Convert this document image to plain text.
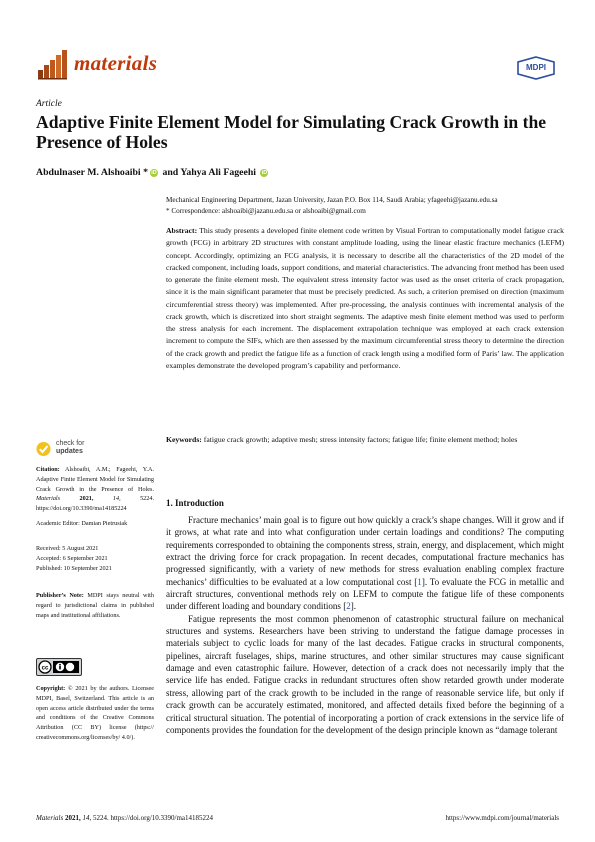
materials	MDPI
Article
Adaptive Finite Element Model for Simulating Crack Growth in the Presence of Holes
Abdulnaser M. Alshoaibi * iD and Yahya Ali Fageehi iD
Mechanical Engineering Department, Jazan University, Jazan P.O. Box 114, Saudi Arabia; yfageehi@jazanu.edu.sa
* Correspondence: alshoaibi@jazanu.edu.sa or alshoaibi@gmail.com
Abstract: This study presents a developed finite element code written by Visual Fortran to computationally model fatigue crack growth (FCG) in arbitrary 2D structures with constant amplitude loading, using the linear elastic fracture mechanics (LEFM) concept. Accordingly, optimizing an FCG analysis, it is necessary to describe all the characteristics of the 2D model of the cracked component, including loads, support conditions, and material characteristics. The advancing front method has been used to generate the finite element mesh. The equivalent stress intensity factor was used as the onset criteria of crack propagation, since it is the main significant parameter that must be precisely predicted. As such, a criterion premised on direction (maximum circumferential stress theory) was implemented. After pre-processing, the analysis continues with incremental analysis of the crack growth, which is discretized into short straight segments. The adaptive mesh finite element method was used to perform the stress analysis for each increment. The displacement extrapolation technique was employed at each crack extension increment to compute the SIFs, which are then assessed by the maximum circumferential stress theory to determine the direction of the crack growth and predict the fatigue life as a function of crack length using a modified form of Paris’ law. The application examples demonstrate the developed program’s capability and performance.
Keywords: fatigue crack growth; adaptive mesh; stress intensity factors; fatigue life; finite element method; holes
check for
updates
Citation: Alshoaibi, A.M.; Fageehi, Y.A. Adaptive Finite Element Model for Simulating Crack Growth in the Presence of Holes. Materials	2021,	14,	5224. https://doi.org/10.3390/ma14185224
Academic Editor: Damian Pietrusiak
Received: 5 August 2021
Accepted: 6 September 2021
Published: 10 September 2021
Publisher’s Note: MDPI stays neutral with regard to jurisdictional claims in published maps and institutional affiliations.
cc
Copyright: © 2021 by the authors. Licensee MDPI, Basel, Switzerland. This article is an open access article distributed under the terms and conditions of the Creative Commons Attribution (CC BY) license (https:// creativecommons.org/licenses/by/ 4.0/).
1. Introduction

Fracture mechanics’ main goal is to figure out how quickly a crack’s shape changes. Will it grow and if it grows, at what rate and into what configuration under certain loadings and conditions? The computing requirements corresponded to obtaining the components stress, strain, energy, and displacement, which might extract the driving force for crack propagation. In recent decades, computational fracture mechanics has progressed significantly, with a variety of new methods for stress evaluation enabling complex fracture mechanics’ difficulties to be evaluated at a low computational cost [1]. To evaluate the FCG in metallic and aircraft structures, conventional methods rely on LEFM to compute the fatigue life of these components under different loading and boundary conditions [2].

Fatigue represents the most common phenomenon of catastrophic structural failure on mechanical structures and systems. Researchers have been striving to understand the fatigue damage processes in materials subject to cyclic loads for many of the last decades. Fatigue cracks in structural components, pipelines, aircraft fuselages, ships, marine structures, and other similar structures may cause significant damage and even catastrophic failure. However, detection of a crack does not necessarily imply that the service life has ended. Fatigue cracks in redundant structures often show retarded growth under moderate stress, allowing part of the crack growth to be included in the range of reasonable service life, but only if crack growth can be accurately estimated, monitored, and affected details fixed before the beginning of a critical structural situation. The potential of incorporating a portion of crack extensions in the service life of components provides the foundation for the development of the design principle known as “damage tolerant

Materials 2021, 14, 5224. https://doi.org/10.3390/ma14185224	https://www.mdpi.com/journal/materials
